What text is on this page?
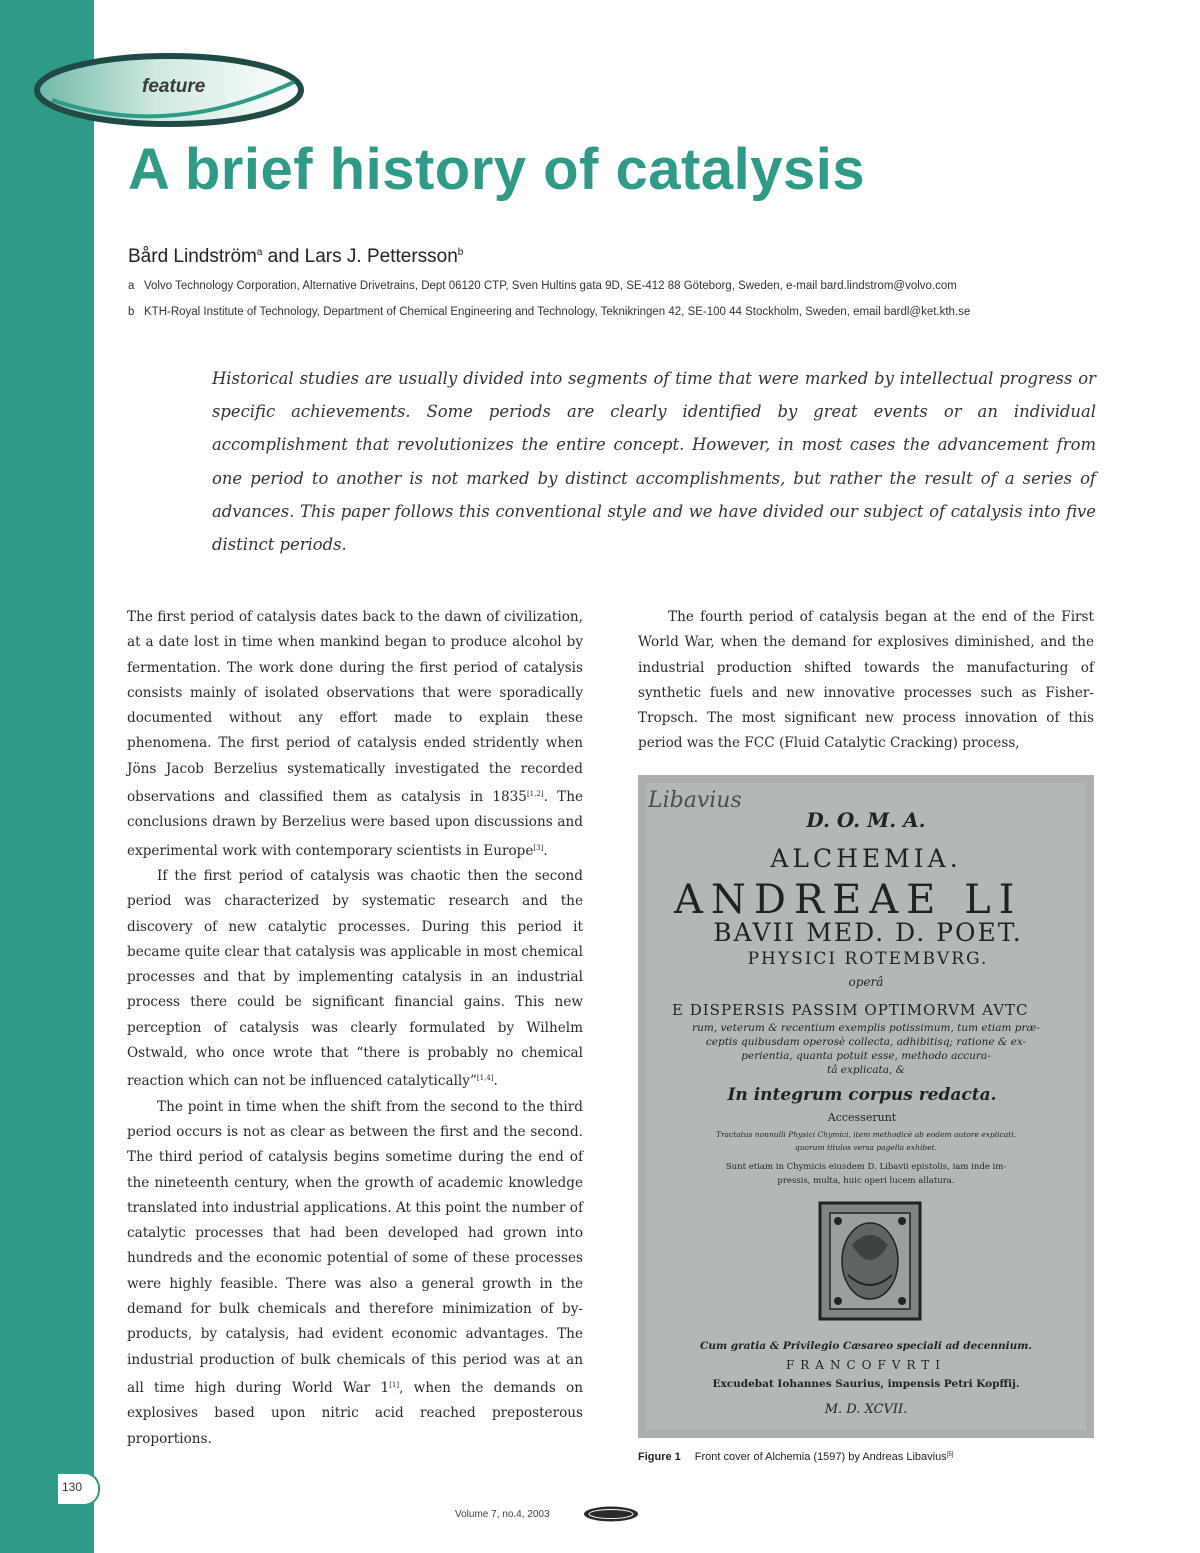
feature
A brief history of catalysis
Bård Lindström$^a$ and Lars J. Pettersson$^b$
a Volvo Technology Corporation, Alternative Drivetrains, Dept 06120 CTP, Sven Hultins gata 9D, SE-412 88 Göteborg, Sweden, e-mail bard.lindstrom@volvo.com
b KTH-Royal Institute of Technology, Department of Chemical Engineering and Technology, Teknikringen 42, SE-100 44 Stockholm, Sweden, email bardl@ket.kth.se
Historical studies are usually divided into segments of time that were marked by intellectual progress or specific achievements. Some periods are clearly identified by great events or an individual accomplishment that revolutionizes the entire concept. However, in most cases the advancement from one period to another is not marked by distinct accomplishments, but rather the result of a series of advances. This paper follows this conventional style and we have divided our subject of catalysis into five distinct periods.

The first period of catalysis dates back to the dawn of civilization, at a date lost in time when mankind began to produce alcohol by fermentation. The work done during the first period of catalysis consists mainly of isolated observations that were sporadically documented without any effort made to explain these phenomena. The first period of catalysis ended stridently when Jöns Jacob Berzelius systematically investigated the recorded observations and classified them as catalysis in 1835[1,2]. The conclusions drawn by Berzelius were based upon discussions and experimental work with contemporary scientists in Europe[3].

If the first period of catalysis was chaotic then the second period was characterized by systematic research and the discovery of new catalytic processes. During this period it became quite clear that catalysis was applicable in most chemical processes and that by implementing catalysis in an industrial process there could be significant financial gains. This new perception of catalysis was clearly formulated by Wilhelm Ostwald, who once wrote that “there is probably no chemical reaction which can not be influenced catalytically”[1,4].

The point in time when the shift from the second to the third period occurs is not as clear as between the first and the second. The third period of catalysis begins sometime during the end of the nineteenth century, when the growth of academic knowledge translated into industrial applications. At this point the number of catalytic processes that had been developed had grown into hundreds and the economic potential of some of these processes were highly feasible. There was also a general growth in the demand for bulk chemicals and therefore minimization of by-products, by catalysis, had evident economic advantages. The industrial production of bulk chemicals of this period was at an all time high during World War 1[1], when the demands on explosives based upon nitric acid reached preposterous proportions.

The fourth period of catalysis began at the end of the First World War, when the demand for explosives diminished, and the industrial production shifted towards the manufacturing of synthetic fuels and new innovative processes such as Fisher-Tropsch. The most significant new process innovation of this period was the FCC (Fluid Catalytic Cracking) process,

Libavius
D. O. M. A.
ALCHEMIA.
ANDREAE LI
BAVII MED. D. POET.
PHYSICI ROTEMBVRG.
operâ
E DISPERSIS PASSIM OPTIMORVM AVTC
rum, veterum & recentium exemplis potissimum, tum etiam præ-
ceptis quibusdam operosè collecta, adhibitisq; ratione & ex-
perientia, quanta potuit esse, methodo accura-
tâ explicata, &
In integrum corpus redacta.
Accesserunt
Tractatus nonnulli Physici Chymici, item methodicè ab eodem autore explicati,
quorum titulos versa pagella exhibet.
Sunt etiam in Chymicis eiusdem D. Libavii epistolis, iam inde im-
pressis, multa, huic operi lucem allatura.
Cum gratia & Privilegio Cæsareo speciali ad decennium.
FRANCOFVRTI
Excudebat Iohannes Saurius, impensis Petri Kopffij.
M. D. XCVII.
Figure 1 Front cover of Alchemia (1597) by Andreas Libavius[5]
130
Volume 7, no.4, 2003
